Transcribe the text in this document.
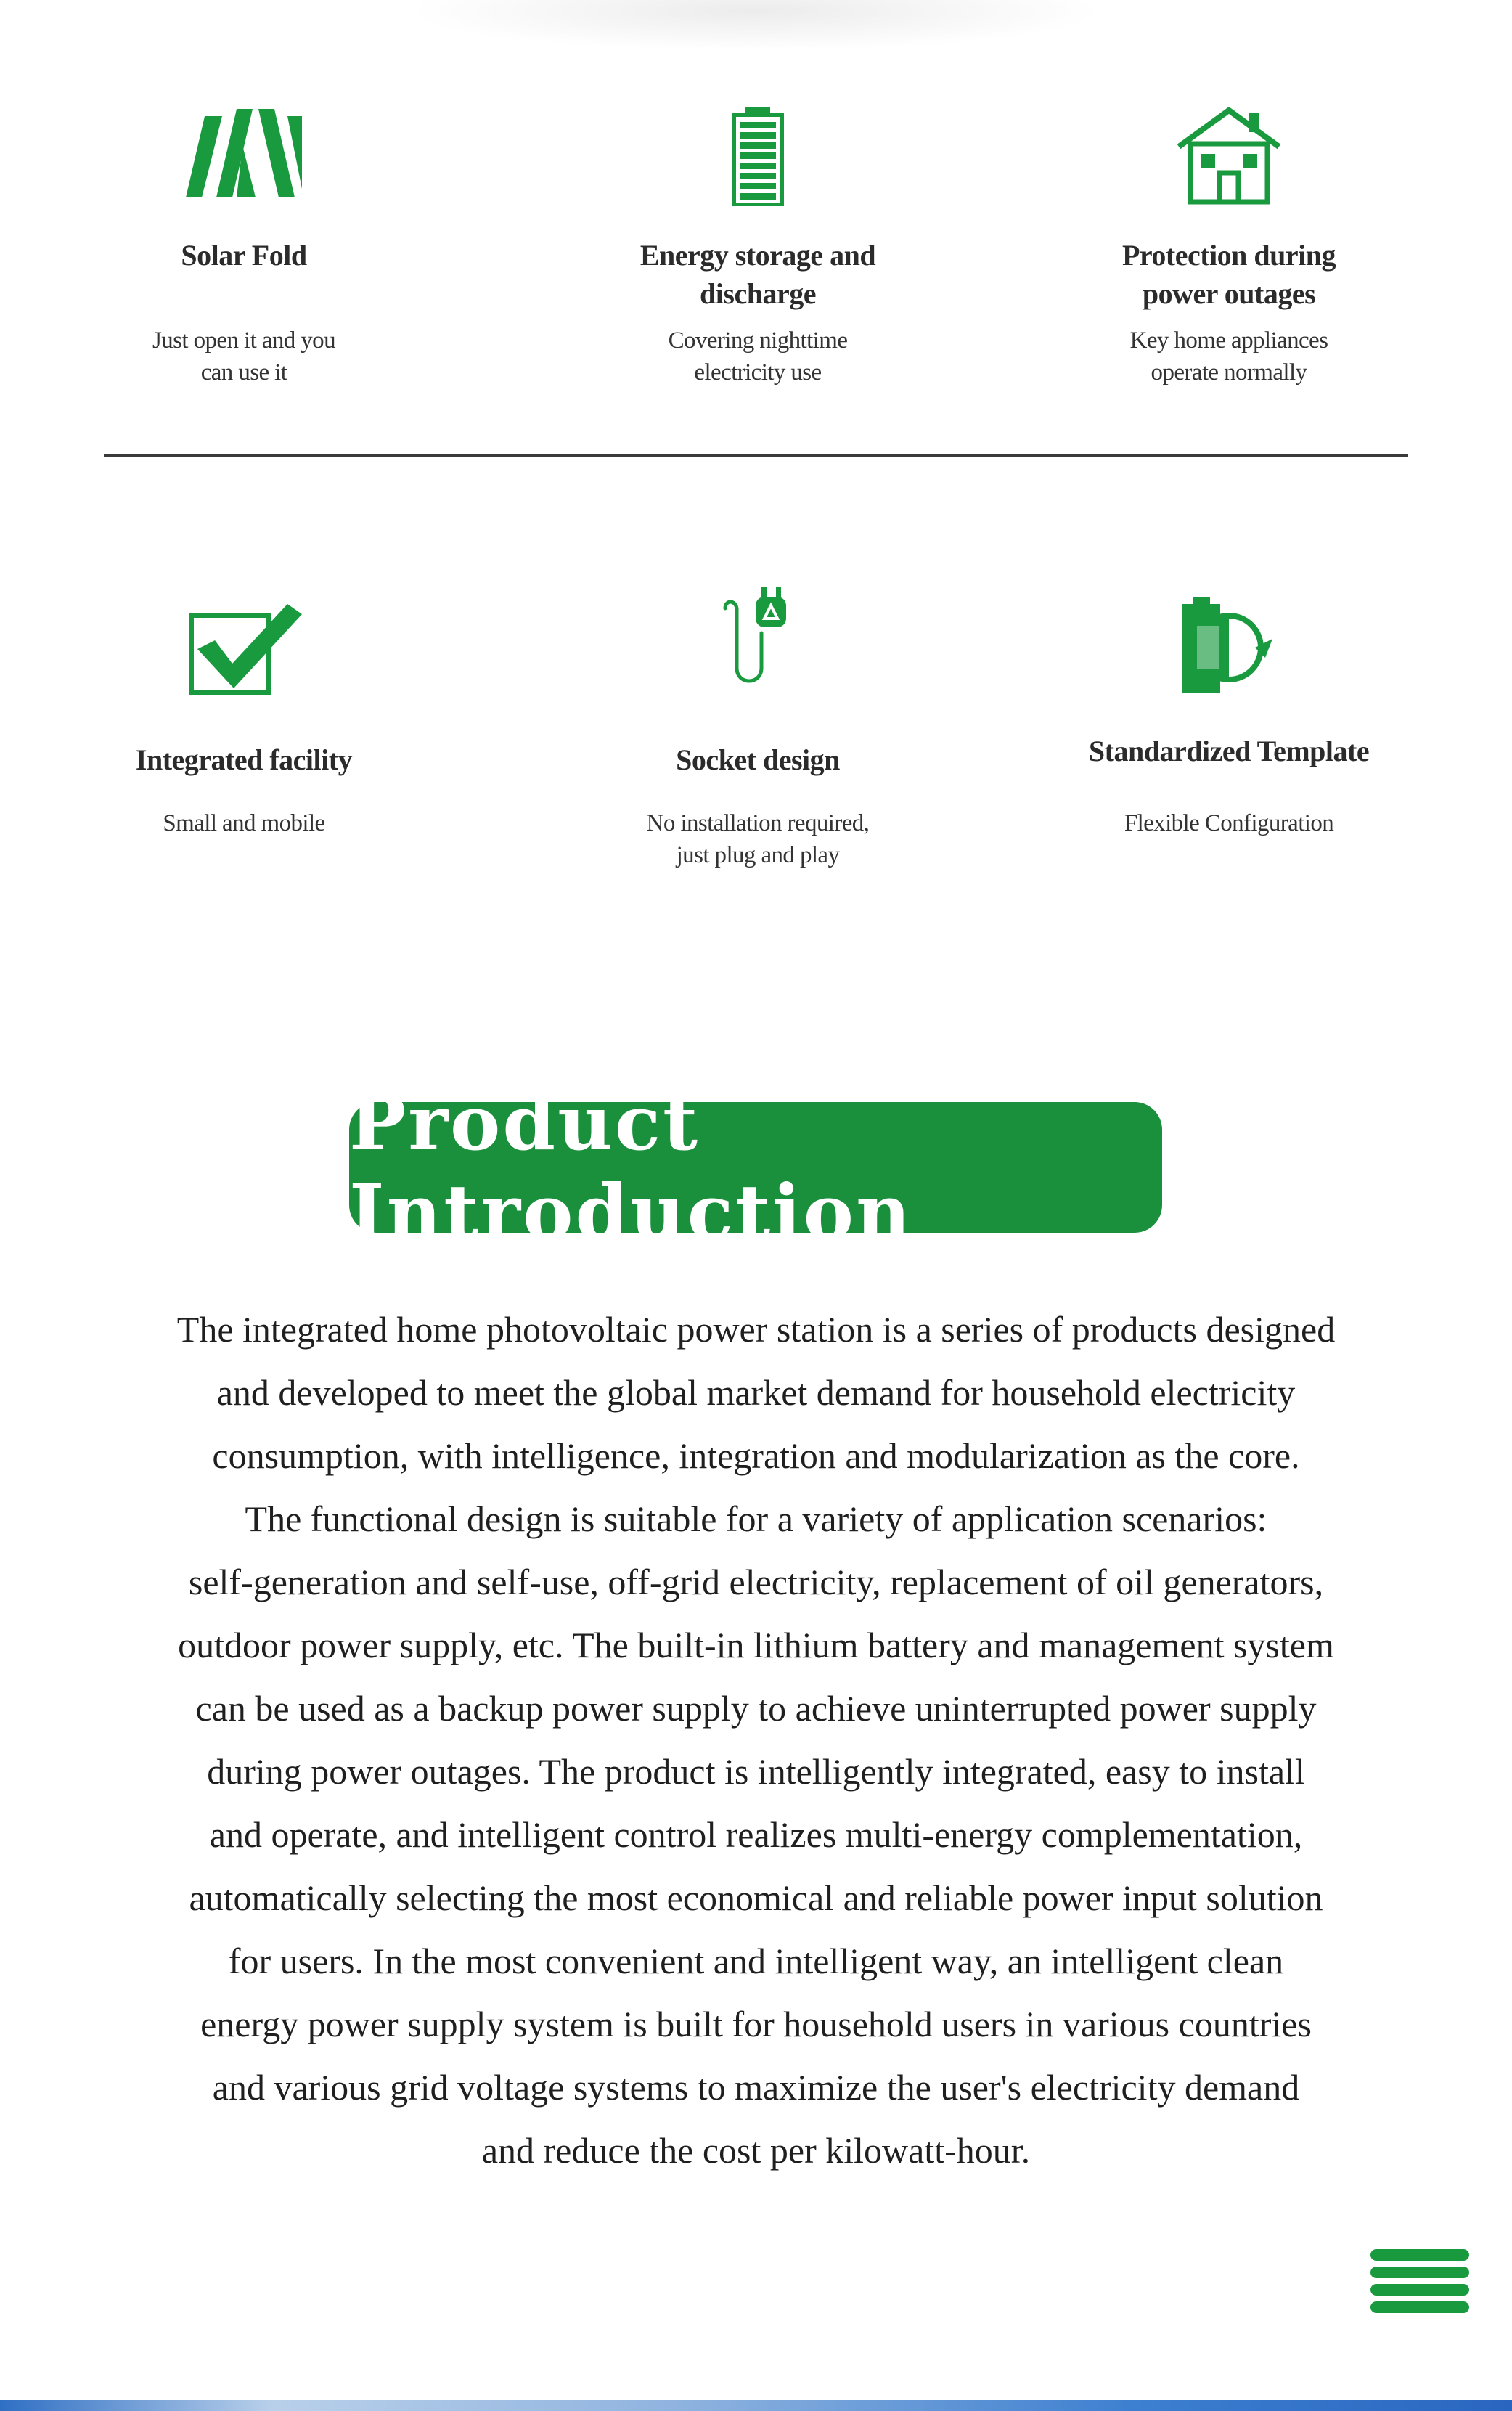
Solar Fold
Just open it and you
can use it
Energy storage and
discharge
Covering nighttime
electricity use
Protection during
power outages
Key home appliances
operate normally
Integrated facility
Small and mobile
Socket design
No installation required,
just plug and play
Standardized Template
Flexible Configuration
Product Introduction
The integrated home photovoltaic power station is a series of products designed
and developed to meet the global market demand for household electricity
consumption, with intelligence, integration and modularization as the core.
The functional design is suitable for a variety of application scenarios:
self-generation and self-use, off-grid electricity, replacement of oil generators,
outdoor power supply, etc. The built-in lithium battery and management system
can be used as a backup power supply to achieve uninterrupted power supply
during power outages. The product is intelligently integrated, easy to install
and operate, and intelligent control realizes multi-energy complementation,
automatically selecting the most economical and reliable power input solution
for users. In the most convenient and intelligent way, an intelligent clean
energy power supply system is built for household users in various countries
and various grid voltage systems to maximize the user's electricity demand
and reduce the cost per kilowatt-hour.
